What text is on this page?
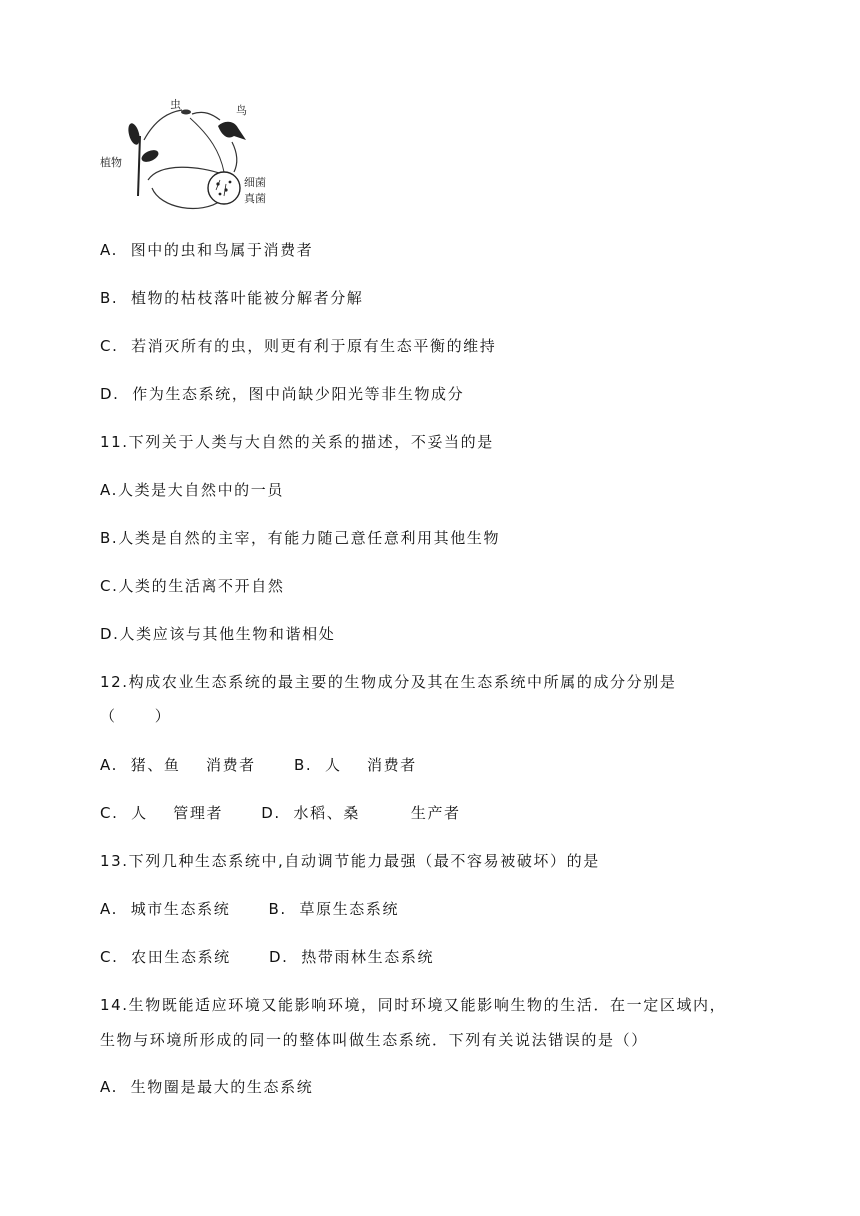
虫	鸟
植物
细菌
真菌
A.  图中的虫和鸟属于消费者
B.  植物的枯枝落叶能被分解者分解
C.  若消灭所有的虫，则更有利于原有生态平衡的维持
D.  作为生态系统，图中尚缺少阳光等非生物成分
11.下列关于人类与大自然的关系的描述，不妥当的是
A.人类是大自然中的一员
B.人类是自然的主宰，有能力随己意任意利用其他生物
C.人类的生活离不开自然
D.人类应该与其他生物和谐相处
12.构成农业生态系统的最主要的生物成分及其在生态系统中所属的成分分别是
（      ）
A.  猪、鱼    消费者      B.  人    消费者
C.  人    管理者      D.  水稻、桑        生产者
13.下列几种生态系统中,自动调节能力最强（最不容易被破坏）的是
A.  城市生态系统      B.  草原生态系统
C.  农田生态系统      D.  热带雨林生态系统
14.生物既能适应环境又能影响环境，同时环境又能影响生物的生活．在一定区域内，
生物与环境所形成的同一的整体叫做生态系统．下列有关说法错误的是（）
A.  生物圈是最大的生态系统
